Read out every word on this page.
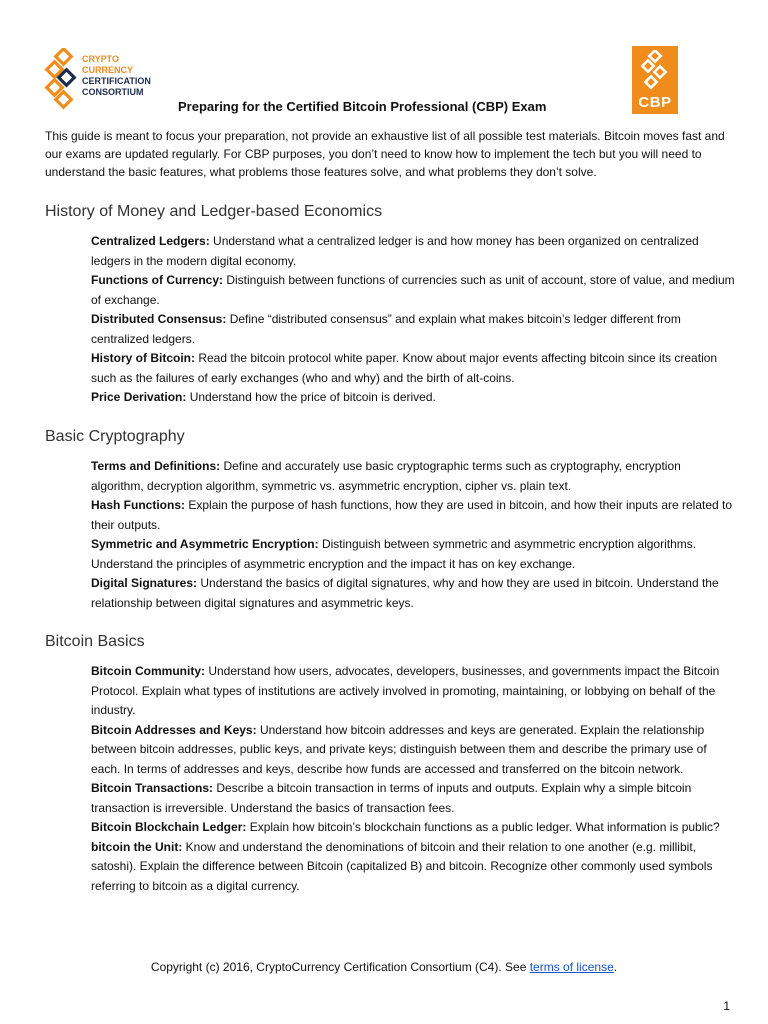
CRYPTO
CURRENCY
CERTIFICATION
CONSORTIUM
Preparing for the Certified Bitcoin Professional (CBP) Exam	CBP
This guide is meant to focus your preparation, not provide an exhaustive list of all possible test materials. Bitcoin moves fast and our exams are updated regularly. For CBP purposes, you don’t need to know how to implement the tech but you will need to understand the basic features, what problems those features solve, and what problems they don’t solve.
History of Money and Ledger-based Economics
Centralized Ledgers: Understand what a centralized ledger is and how money has been organized on centralized ledgers in the modern digital economy.
Functions of Currency: Distinguish between functions of currencies such as unit of account, store of value, and medium of exchange.
Distributed Consensus: Define “distributed consensus” and explain what makes bitcoin’s ledger different from centralized ledgers.
History of Bitcoin: Read the bitcoin protocol white paper. Know about major events affecting bitcoin since its creation such as the failures of early exchanges (who and why) and the birth of alt-coins.
Price Derivation: Understand how the price of bitcoin is derived.
Basic Cryptography
Terms and Definitions: Define and accurately use basic cryptographic terms such as cryptography, encryption algorithm, decryption algorithm, symmetric vs. asymmetric encryption, cipher vs. plain text.
Hash Functions: Explain the purpose of hash functions, how they are used in bitcoin, and how their inputs are related to their outputs.
Symmetric and Asymmetric Encryption: Distinguish between symmetric and asymmetric encryption algorithms. Understand the principles of asymmetric encryption and the impact it has on key exchange.
Digital Signatures: Understand the basics of digital signatures, why and how they are used in bitcoin. Understand the relationship between digital signatures and asymmetric keys.
Bitcoin Basics
Bitcoin Community: Understand how users, advocates, developers, businesses, and governments impact the Bitcoin Protocol. Explain what types of institutions are actively involved in promoting, maintaining, or lobbying on behalf of the industry.
Bitcoin Addresses and Keys: Understand how bitcoin addresses and keys are generated. Explain the relationship between bitcoin addresses, public keys, and private keys; distinguish between them and describe the primary use of each. In terms of addresses and keys, describe how funds are accessed and transferred on the bitcoin network.
Bitcoin Transactions: Describe a bitcoin transaction in terms of inputs and outputs. Explain why a simple bitcoin transaction is irreversible. Understand the basics of transaction fees.
Bitcoin Blockchain Ledger: Explain how bitcoin’s blockchain functions as a public ledger. What information is public?
bitcoin the Unit: Know and understand the denominations of bitcoin and their relation to one another (e.g. millibit, satoshi). Explain the difference between Bitcoin (capitalized B) and bitcoin. Recognize other commonly used symbols referring to bitcoin as a digital currency.
Copyright (c) 2016, CryptoCurrency Certification Consortium (C4). See terms of license.
1
